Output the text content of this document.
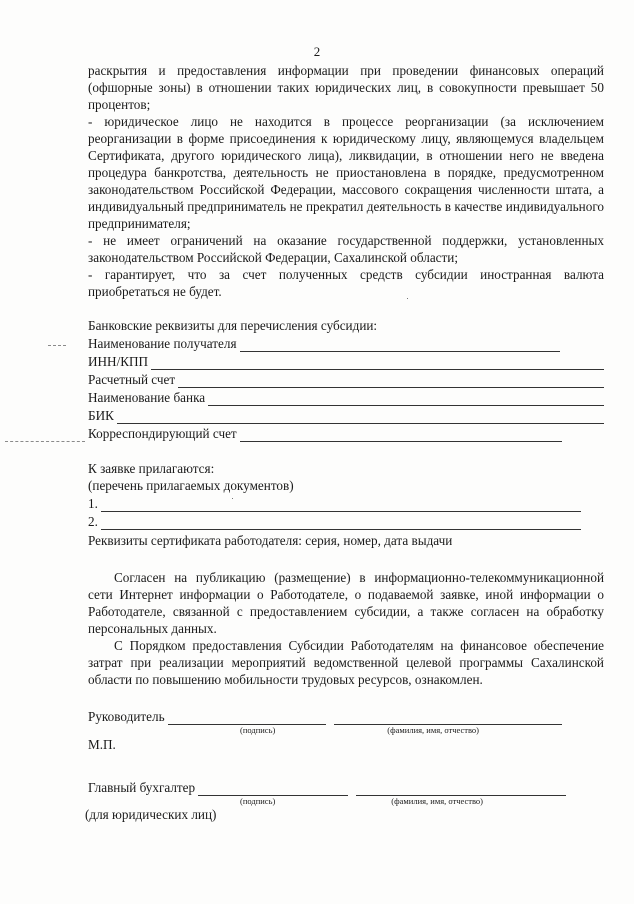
2

раскрытия и предоставления информации при проведении финансовых операций (офшорные зоны) в отношении таких юридических лиц, в совокупности превышает 50 процентов;

- юридическое лицо не находится в процессе реорганизации (за исключением реорганизации в форме присоединения к юридическому лицу, являющемуся владельцем Сертификата, другого юридического лица), ликвидации, в отношении него не введена процедура банкротства, деятельность не приостановлена в порядке, предусмотренном законодательством Российской Федерации, массового сокращения численности штата, а индивидуальный предприниматель не прекратил деятельность в качестве индивидуального предпринимателя;

- не имеет ограничений на оказание государственной поддержки, установленных законодательством Российской Федерации, Сахалинской области;

- гарантирует, что за счет полученных средств субсидии иностранная валюта приобретаться не будет.

Банковские реквизиты для перечисления субсидии:
Наименование получателя
ИНН/КПП
Расчетный счет
Наименование банка
БИК
Корреспондирующий счет
К заявке прилагаются:
(перечень прилагаемых документов)
1.
2.
Реквизиты сертификата работодателя: серия, номер, дата выдачи

Согласен на публикацию (размещение) в информационно-телекоммуникационной сети Интернет информации о Работодателе, о подаваемой заявке, иной информации о Работодателе, связанной с предоставлением субсидии, а также согласен на обработку персональных данных.

С Порядком предоставления Субсидии Работодателям на финансовое обеспечение затрат при реализации мероприятий ведомственной целевой программы Сахалинской области по повышению мобильности трудовых ресурсов, ознакомлен.

Руководитель
(подпись)	(фамилия, имя, отчество)
М.П.
Главный бухгалтер
(подпись)	(фамилия, имя, отчество)
(для юридических лиц)
